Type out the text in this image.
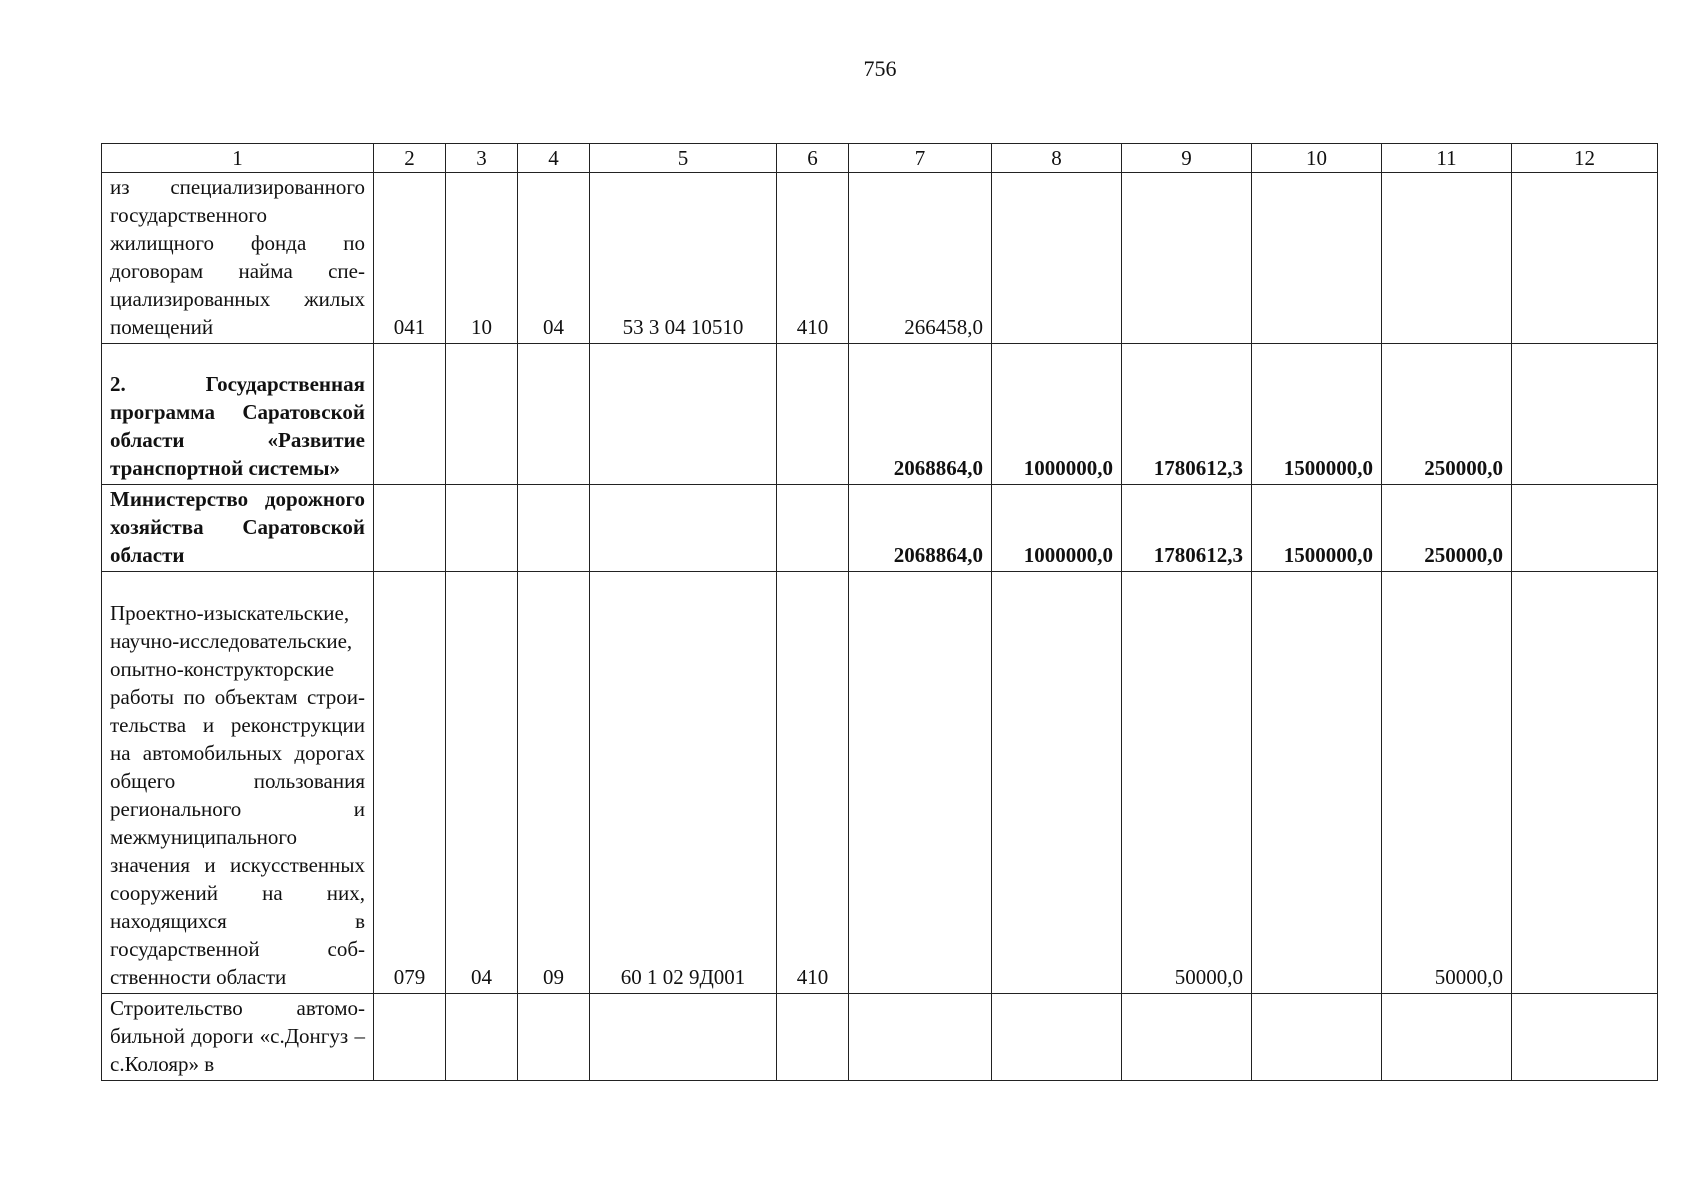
756
1	2	3	4	5	6	7	8	9	10	11	12
из специализированного государственного жилищного фонда по договорам найма специализированных жилых помещений	041	10	04	53 3 04 10510	410	266458,0					
2. Государственная программа Саратовской области «Развитие транспортной системы»						2068864,0	1000000,0	1780612,3	1500000,0	250000,0	
Министерство дорожного хозяйства Саратовской области						2068864,0	1000000,0	1780612,3	1500000,0	250000,0	
Проектно-изыскательские, научно-исследовательские, опытно-конструкторские работы по объектам строительства и реконструкции на автомобильных дорогах общего пользования регионального и межмуниципального значения и искусственных сооружений на них, находящихся в государственной собственности области	079	04	09	60 1 02 9Д001	410			50000,0		50000,0	
Строительство автомобильной дороги «с.Донгуз – с.Колояр» в											
